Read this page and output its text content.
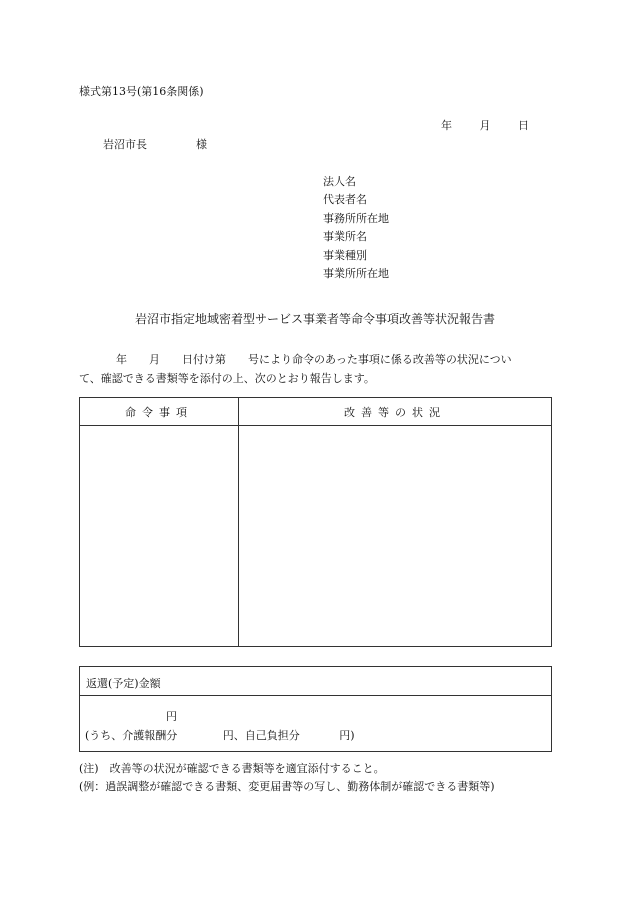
様式第13号(第16条関係)
年	月	日
岩沼市長	様
法人名
代表者名
事務所所在地
事業所名
事業種別
事業所所在地
岩沼市指定地域密着型サービス事業者等命令事項改善等状況報告書
年　　月　　日付け第　　号により命令のあった事項に係る改善等の状況につい
て、確認できる書類等を添付の上、次のとおり報告します。
命令事項	改善等の状況

返還(予定)金額
円
(うち、介護報酬分	円、自己負担分	円)
(注)　改善等の状況が確認できる書類等を適宜添付すること。
(例：過誤調整が確認できる書類、変更届書等の写し、勤務体制が確認できる書類等)
